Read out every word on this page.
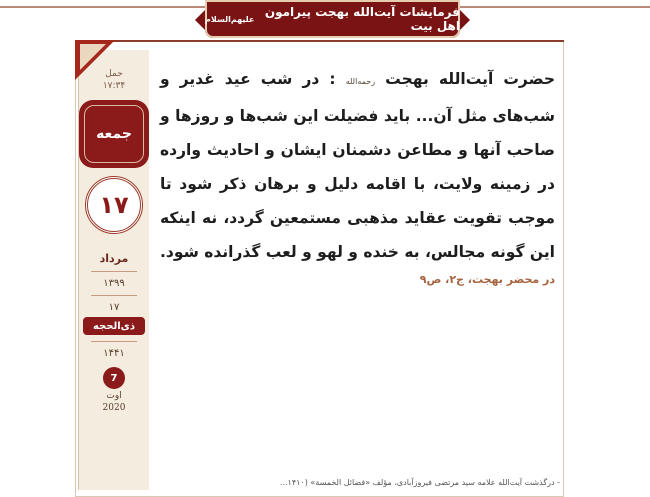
فرمایشات آیت‌الله بهجت پیرامون اهل بیت
علیهم‌السلام
حمل
۱۷:۳۴
جمعه
۱۷
مرداد
۱۳۹۹
۱۷
ذی‌الحجه
۱۴۴۱
7
اوت
2020

حضرت آیت‌الله بهجت رحمه‌الله : در شب عید غدیر و شب‌های مثل آن... باید فضیلت این شب‌ها و روزها و صاحب آنها و مطاعن دشمنان ایشان و احادیث وارده در زمینه ولایت، با اقامه دلیل و برهان ذکر شود تا موجب تقویت عقاید مذهبی مستمعین گردد، نه اینکه این گونه مجالس، به خنده و لهو و لعب گذرانده شود.

در محضر بهجت، ج۲، ص۹
- درگذشت آیت‌الله علامه سید مرتضی فیروزآبادی، مؤلف «فضائل الخمسة» (۱۴۱۰...
